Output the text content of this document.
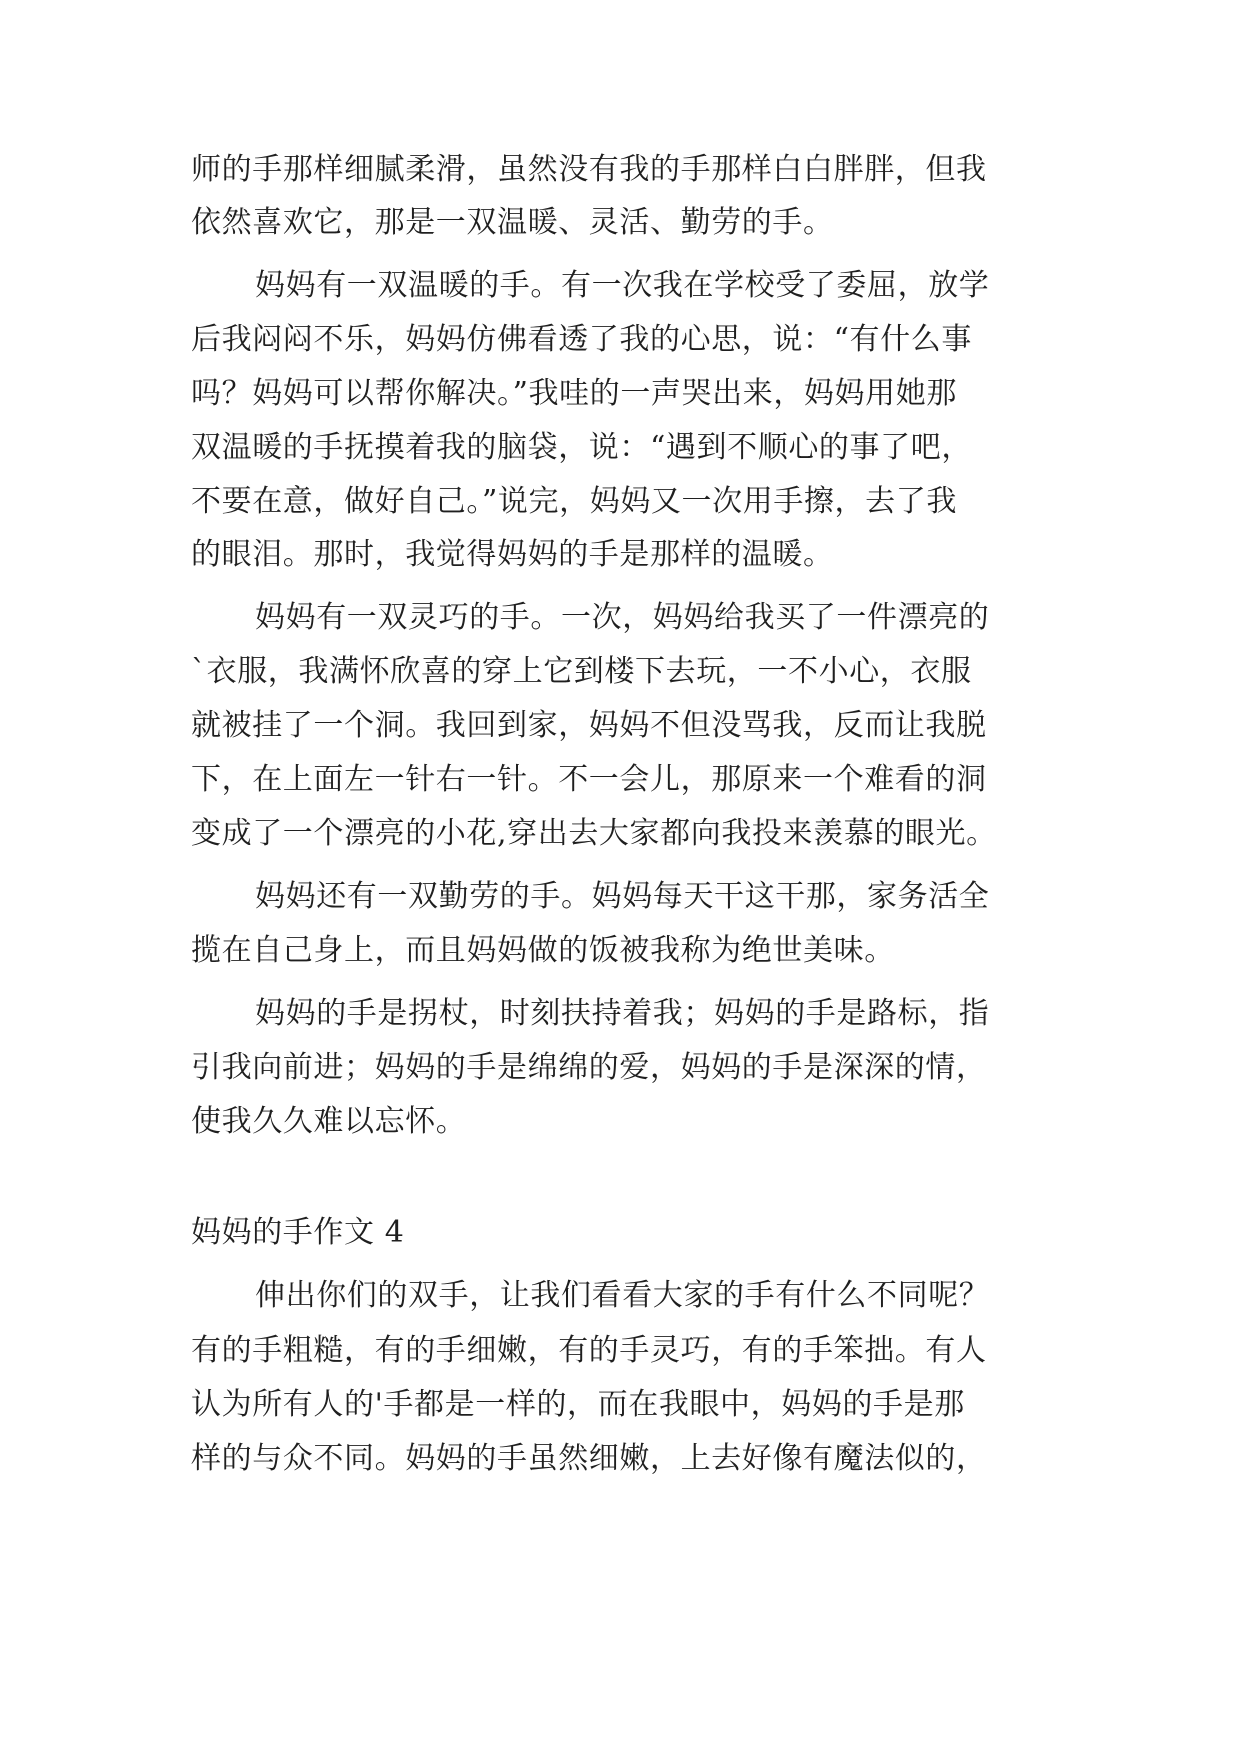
师的手那样细腻柔滑，虽然没有我的手那样白白胖胖，但我
依然喜欢它，那是一双温暖、灵活、勤劳的手。
妈妈有一双温暖的手。有一次我在学校受了委屈，放学
后我闷闷不乐，妈妈仿佛看透了我的心思，说：“有什么事
吗？妈妈可以帮你解决。”我哇的一声哭出来，妈妈用她那
双温暖的手抚摸着我的脑袋，说：“遇到不顺心的事了吧，
不要在意，做好自己。”说完，妈妈又一次用手擦，去了我
的眼泪。那时，我觉得妈妈的手是那样的温暖。
妈妈有一双灵巧的手。一次，妈妈给我买了一件漂亮的
`衣服，我满怀欣喜的穿上它到楼下去玩，一不小心，衣服
就被挂了一个洞。我回到家，妈妈不但没骂我，反而让我脱
下，在上面左一针右一针。不一会儿，那原来一个难看的洞
变成了一个漂亮的小花,穿出去大家都向我投来羡慕的眼光。
妈妈还有一双勤劳的手。妈妈每天干这干那，家务活全
揽在自己身上，而且妈妈做的饭被我称为绝世美味。
妈妈的手是拐杖，时刻扶持着我；妈妈的手是路标，指
引我向前进；妈妈的手是绵绵的爱，妈妈的手是深深的情，
使我久久难以忘怀。
妈妈的手作文 4
伸出你们的双手，让我们看看大家的手有什么不同呢？
有的手粗糙，有的手细嫩，有的手灵巧，有的手笨拙。有人
认为所有人的'手都是一样的，而在我眼中，妈妈的手是那
样的与众不同。妈妈的手虽然细嫩，上去好像有魔法似的，
